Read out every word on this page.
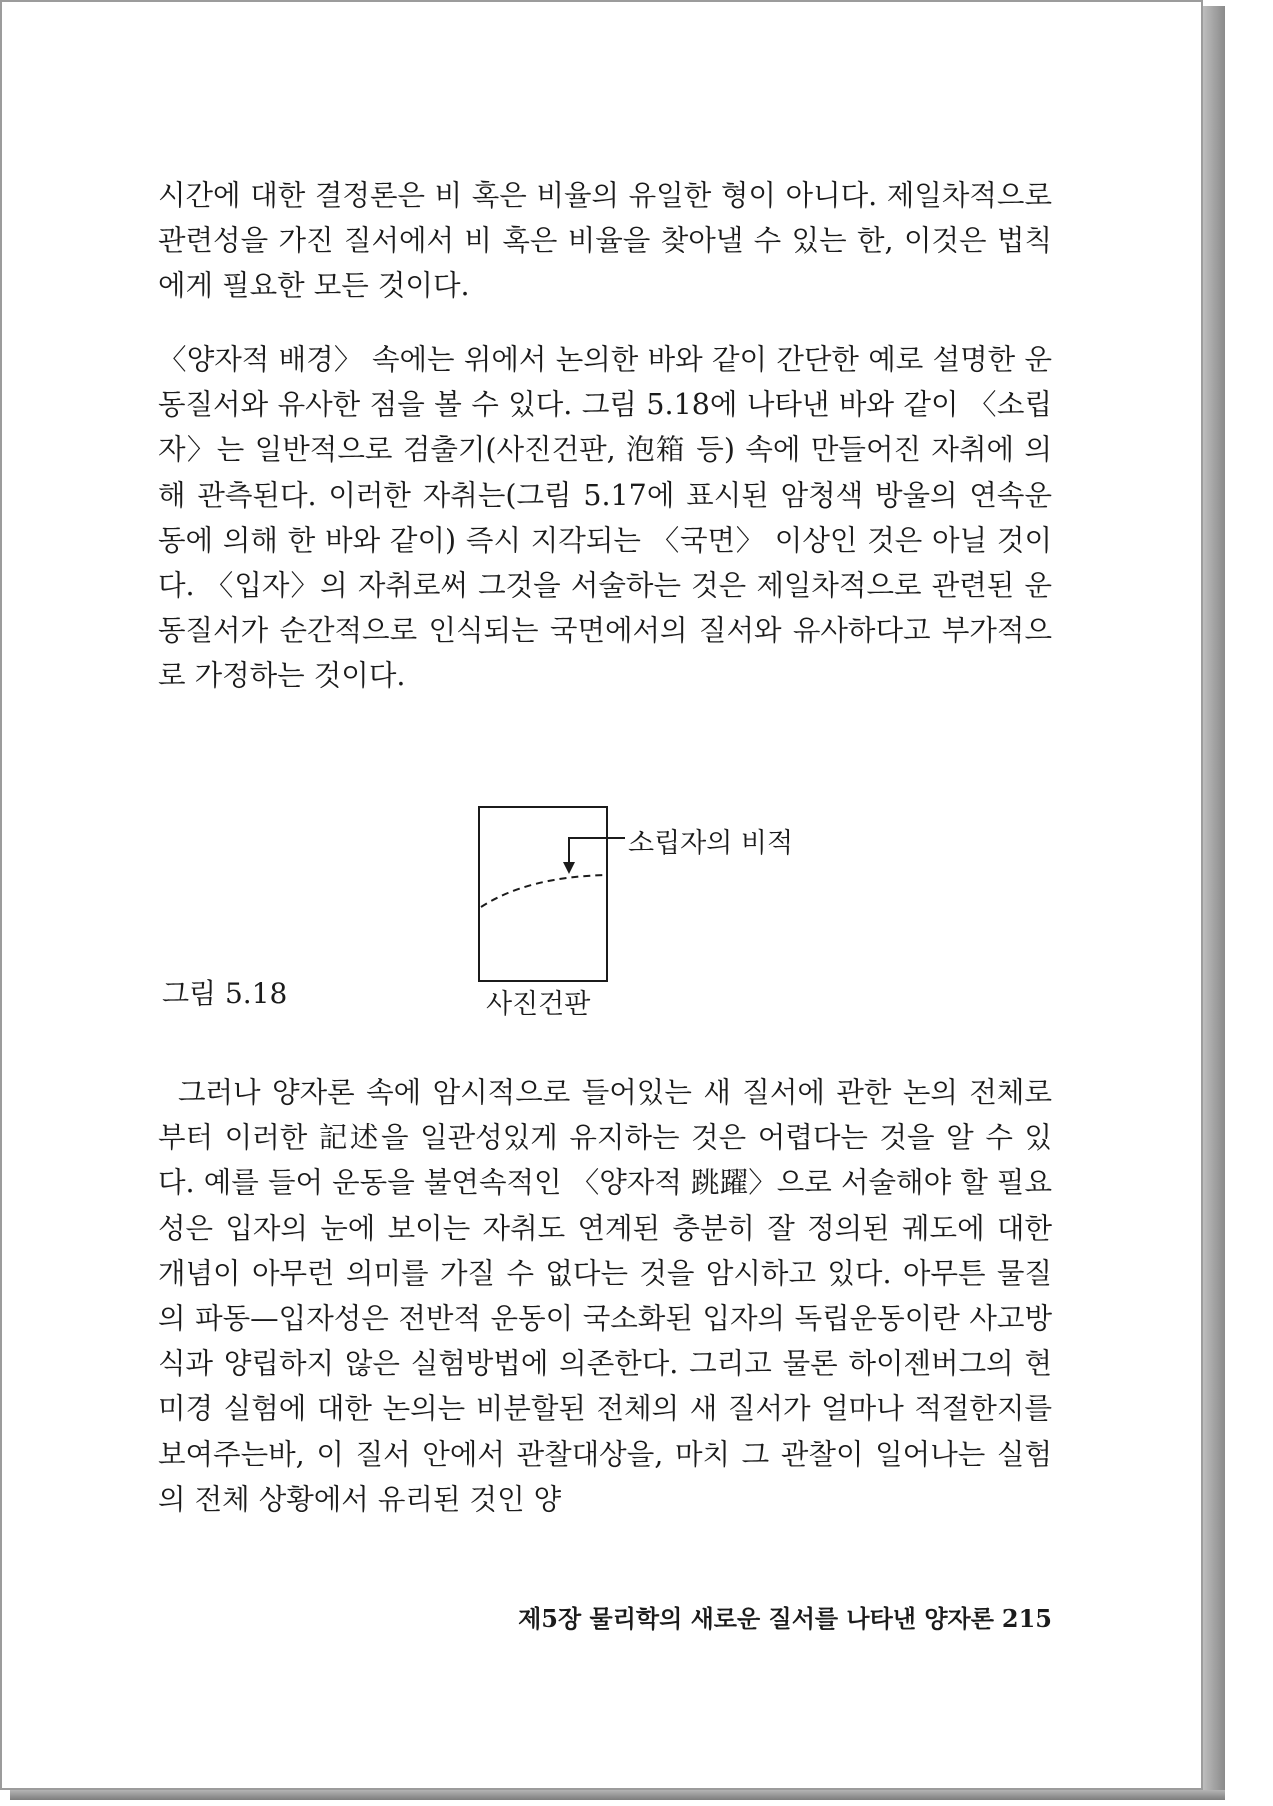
시간에 대한 결정론은 비 혹은 비율의 유일한 형이 아니다. 제일차적으로 관련성을 가진 질서에서 비 혹은 비율을 찾아낼 수 있는 한, 이것은 법칙에게 필요한 모든 것이다.

〈양자적 배경〉 속에는 위에서 논의한 바와 같이 간단한 예로 설명한 운동질서와 유사한 점을 볼 수 있다. 그림 5.18에 나타낸 바와 같이 〈소립자〉는 일반적으로 검출기(사진건판, 泡箱 등) 속에 만들어진 자취에 의해 관측된다. 이러한 자취는(그림 5.17에 표시된 암청색 방울의 연속운동에 의해 한 바와 같이) 즉시 지각되는 〈국면〉 이상인 것은 아닐 것이다. 〈입자〉의 자취로써 그것을 서술하는 것은 제일차적으로 관련된 운동질서가 순간적으로 인식되는 국면에서의 질서와 유사하다고 부가적으로 가정하는 것이다.

소립자의 비적
사진건판
그림 5.18

그러나 양자론 속에 암시적으로 들어있는 새 질서에 관한 논의 전체로부터 이러한 記述을 일관성있게 유지하는 것은 어렵다는 것을 알 수 있다. 예를 들어 운동을 불연속적인 〈양자적 跳躍〉으로 서술해야 할 필요성은 입자의 눈에 보이는 자취도 연계된 충분히 잘 정의된 궤도에 대한 개념이 아무런 의미를 가질 수 없다는 것을 암시하고 있다. 아무튼 물질의 파동—입자성은 전반적 운동이 국소화된 입자의 독립운동이란 사고방식과 양립하지 않은 실험방법에 의존한다. 그리고 물론 하이젠버그의 현미경 실험에 대한 논의는 비분할된 전체의 새 질서가 얼마나 적절한지를 보여주는바, 이 질서 안에서 관찰대상을, 마치 그 관찰이 일어나는 실험의 전체 상황에서 유리된 것인 양

제5장 물리학의 새로운 질서를 나타낸 양자론 215
